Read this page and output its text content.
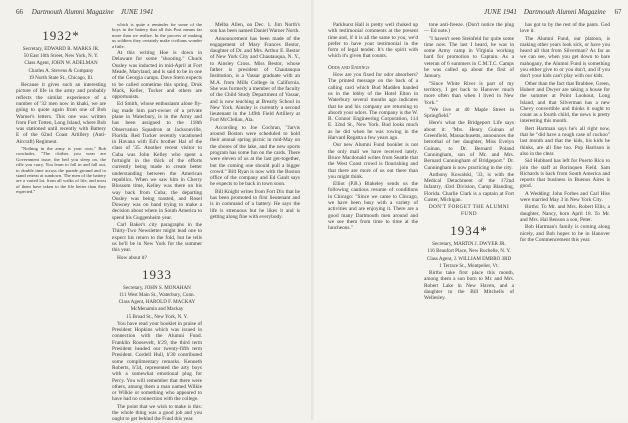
66 Dartmouth Alumni Magazine JUNE 1941
1932*

Secretary, EDWARD R. MARKS JR.

50 East 10th Street, New York, N. Y.

Class Agent, JOHN W. ADELMAN

Charles A. Stevens & Company

19 North State St., Chicago, Ill.

Because it gives such an interesting picture of life in the army and probably reflects the similar experience of a number of '32 men now in khaki, we are going to quote again from one of Bob Warner's letters. This one was written from Fort Totten, Long Island, where Bob was stationed until recently with Battery E of the 62nd Coast Artillery (Anti-Aircraft) Regiment.

"Nothing in the army is your own," Bob concludes. "The clothes you wear are Government issue, the bed you sleep on, the rifle you carry. You learn to fall in and fall out, to double time across the parade ground and to stand retreat at sundown. The men of the battery are a varied lot, from all walks of life, and most of them have taken to the life better than they expected."

which is quite a reminder for some of the boys in the battery that all this Post means far more than we realize. In the process of making us soldiers they certainly make civilians wonder a little.

At this writing Hoe is down in Delaware for some "shooting." Chuck Ousley was inducted in mid-April at Fort Meade, Maryland, and is said to be in one of the Georgia camps. Dave Stern expects to be called sometime this spring. Druk Mack, Keller, Tucker and others are opportunists.

Ed Smith, whose enthusiasm alone fly- ing made him part-owner of a private plane in Waterbury, is in the Army and has been assigned to the 118th Observation Squadron at Jacksonville, Florida. Red Tucker recently vacationed in Havana with Ed's brother Hal of the class of '35. Another recent visitor to Cuba was John Kelley who spent a fortnight in the thick of the efforts currently being made to create better understanding between the American republics. When we saw him in Cherry Blossom time, Kelley was there on his way back from Cuba; the departing Ousley was being toasted, and Rosel Downey was on hand trying to make a decision about where in South America to spend his Guggenheim year.

Carl Baker's city paragraphs in the Thirty-Two Newsletter might lead one to expect his return to the fold, but he tells us he'll be in New York for the summer this year.

How about it?

1933

Secretary, JOHN S. MONAHAN

111 West Main St., Waterbury, Conn.

Class Agent, HAROLD F. MACKAY

McMenamin and Mackay

15 Broad St., New York, N. Y.

You have read your booklet in praise of President Hopkins which was issued in connection with the Alumni Fund. Franklin Roosevelt, h'29, the third term President headed our twenty-fifth term President. Cordell Hull, h'30 contributed some complimentary remarks. Kenneth Roberts, h'34, represented the arty boys with a somewhat emotional plug for Percy. You will remember that there were others, among them a man named Wilkie or Wilkie or something who appeared to have had no connection with the college.

The point that we wish to make is this: the whole thing was a good job and you ought to get behind the Fund this year.

Melba Allen, on Dec. 1. Jim North's son has been named Daniel Warner North.

Announcement has been made of the engagement of Mary Frances Bestor, daughter of Dr. and Mrs. Arthur E. Bestor of New York City and Chautauqua, N. Y., to Ainsley Cross. Miss Bestor, whose father is president of Chautauqua Institution, is a Vassar graduate with an M.A. from Mills College in California. She was formerly a member of the faculty of the Child Study Department of Vassar, and is now teaching at Brearly School in New York. Ainsley is currently a second lieutenant in the 149th Field Artillery at Fort McClellan, Ala.

According to Joe Cochran, "Jarvis around Boston were scheduled to hold their annual spring picnic in mid-May on the shores of the lake, and the new sports program has some fun on the cards. There were eleven of us at the last get-together, but the coming one should pull a bigger crowd." Bill Ryan is now with the Boston office of the company and Ed Gault says he expects to be back in town soon.

Bill Knight writes from Fort Dix that he has been promoted to first lieutenant and is in command of a battery. He says the life is strenuous but he likes it and is getting along fine with everybody.

JUNE 1941 Dartmouth Alumni Magazine 67

Parkhurst Hall is pretty well choked up with testimonial comments at the present time and, if it is all the same to you, we'd prefer to have your testimonial in the form of legal tender. It's the spirit with which it's given that counts.

Odds and Endings

How are you fixed for odor absorbers? The printed message on the back of a calling card which Bud Madden handed us in the lobby of the Hotel Elton in Waterbury several months ago indicates that he and his company are returning to absorb your odors. The company is the W. B. Connor Engineering Corporation, 114 E. 32nd St., New York. Bud looks much as he did when he was rowing in the Harvard Regatta a few years ago.

Our new Alumni Fund booklet is not the only mail we have received lately. Bruce Macdonald writes from Seattle that the West Coast crowd is flourishing and that there are more of us out there than you might think.

Elliot (P.B.) Blakeley sends us the following cautious resume of conditions in Chicago: "Since we came to Chicago, we have been busy with a variety of activities and are enjoying it. There are a good many Dartmouth men around and we see them from time to time at the luncheons."

tone anti-freeze. (Don't notice the plug — Ed note.)

"I haven't seen Steinfeld for quite some time now. The last I heard, he was in some Army camp in Virginia working hard for promotion to Captain. As a veteran of 6 summers in C.M.T.C. Camps he was called up about the first of January.

"Since White River is part of my territory, I get back to Hanover much more often than when I lived in New York."

"We live at 40 Maple Street in Springfield."

Here's what the Bridgeport Life says about it: "Mrs. Henry Guinan of Greenfield, Massachusetts, announces the betrothal of her daughter, Miss Evelyn Guinan, to Dr. Bernard Poland Cunningham, son of Mr. and Mrs. Bernard Cunningham of Bridgeport." Dr. Cunningham is now practicing in the city.

Anthony Kowalski, '33, is with the Medical Detachment of the 172nd Infantry, 43rd Division, Camp Blanding, Florida. Charlie Clark is a captain at Fort Custer, Michigan.

DON'T FORGET THE ALUMNI FUND

1934*

Secretary, MARTIN J. DWYER JR.

116 Beaufort Place, New Rochelle, N. Y.

Class Agent, J. WILLIAM EMBRO 3RD

1 Terrace St., Montpelier, Vt.

Births take first place this month, among them a son born to Mr. and Mrs. Robert Lake in New Haven, and a daughter to the Bill Mitchells of Wellesley.

has got to by the rest of the pants. God love it.

The Alumni Fund, our platoon, is making other years look sick, or have you heard all that from Silverman? As far as we can see, when you get down to bare mahogany, the Alumni Fund is something you either give to or you don't, and if you don't your kids can't play with our kids.

Other than the fact that Brabbee, Green, Hubert and Dwyer are taking a house for the summer at Point Lookout, Long Island, and that Silverman has a new Chevy convertible and thinks it ought to count as a fourth child, the news is pretty interesting this month.

Bert Hartman says he's all right now, that he "did have a rough case of cuckoo" last month and that the kids, his kids he thinks, are all fine too. Pop Harrison is also in the clear.

Sid Hubbard has left for Puerto Rico to join the staff at Borinquen Field. Sam Richards is back from South America and reports that business in Buenos Aires is good.

A Wedding: John Forbes and Carl Hiss were married May 3 in New York City.

Births: To Mr. and Mrs. Robert Ellis, a daughter, Nancy, born April 18. To Mr. and Mrs. Hal Benson a son, Peter.

Bob Hartman's family is coming along nicely, and Bob hopes to be in Hanover for the Commencement this year.
